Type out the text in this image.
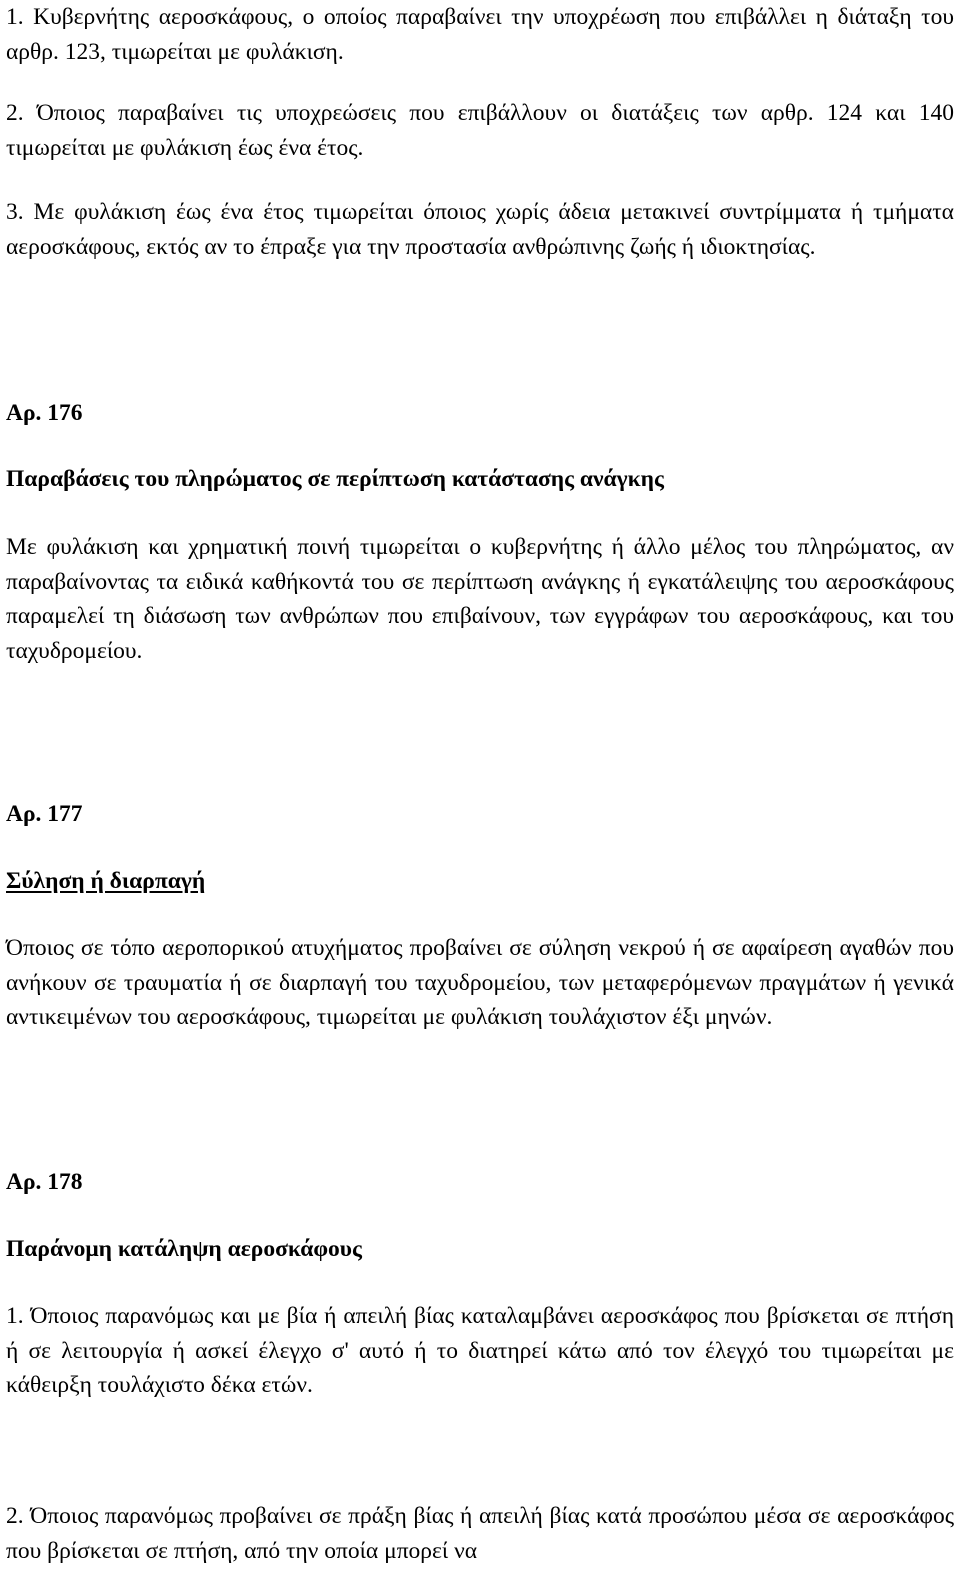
1. Κυβερνήτης αεροσκάφους, ο οποίος παραβαίνει την υποχρέωση που επιβάλλει η διάταξη του αρθρ. 123, τιμωρείται με φυλάκιση.

2. Όποιος παραβαίνει τις υποχρεώσεις που επιβάλλουν οι διατάξεις των αρθρ. 124 και 140 τιμωρείται με φυλάκιση έως ένα έτος.

3. Με φυλάκιση έως ένα έτος τιμωρείται όποιος χωρίς άδεια μετακινεί συντρίμματα ή τμήματα αεροσκάφους, εκτός αν το έπραξε για την προστασία ανθρώπινης ζωής ή ιδιοκτησίας.

Αρ. 176
Παραβάσεις του πληρώματος σε περίπτωση κατάστασης ανάγκης

Με φυλάκιση και χρηματική ποινή τιμωρείται ο κυβερνήτης ή άλλο μέλος του πληρώματος, αν παραβαίνοντας τα ειδικά καθήκοντά του σε περίπτωση ανάγκης ή εγκατάλειψης του αεροσκάφους παραμελεί τη διάσωση των ανθρώπων που επιβαίνουν, των εγγράφων του αεροσκάφους, και του ταχυδρομείου.

Αρ. 177
Σύληση ή διαρπαγή

Όποιος σε τόπο αεροπορικού ατυχήματος προβαίνει σε σύληση νεκρού ή σε αφαίρεση αγαθών που ανήκουν σε τραυματία ή σε διαρπαγή του ταχυδρομείου, των μεταφερόμενων πραγμάτων ή γενικά αντικειμένων του αεροσκάφους, τιμωρείται με φυλάκιση τουλάχιστον έξι μηνών.

Αρ. 178
Παράνομη κατάληψη αεροσκάφους

1. Όποιος παρανόμως και με βία ή απειλή βίας καταλαμβάνει αεροσκάφος που βρίσκεται σε πτήση ή σε λειτουργία ή ασκεί έλεγχο σ' αυτό ή το διατηρεί κάτω από τον έλεγχό του τιμωρείται με κάθειρξη τουλάχιστο δέκα ετών.

2. Όποιος παρανόμως προβαίνει σε πράξη βίας ή απειλή βίας κατά προσώπου μέσα σε αεροσκάφος που βρίσκεται σε πτήση, από την οποία μπορεί να
